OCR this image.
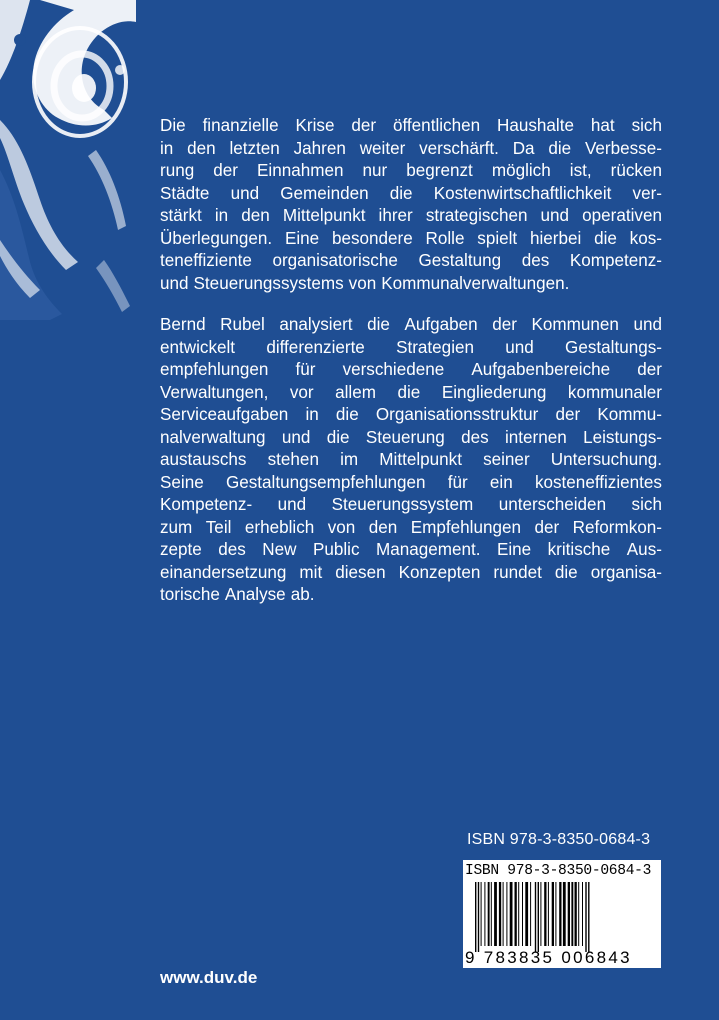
Die finanzielle Krise der öffentlichen Haushalte hat sich
in den letzten Jahren weiter verschärft. Da die Verbesse-
rung der Einnahmen nur begrenzt möglich ist, rücken
Städte und Gemeinden die Kostenwirtschaftlichkeit ver-
stärkt in den Mittelpunkt ihrer strategischen und operativen
Überlegungen. Eine besondere Rolle spielt hierbei die kos-
teneffiziente organisatorische Gestaltung des Kompetenz-
und Steuerungssystems von Kommunalverwaltungen.
Bernd Rubel analysiert die Aufgaben der Kommunen und
entwickelt differenzierte Strategien und Gestaltungs-
empfehlungen für verschiedene Aufgabenbereiche der
Verwaltungen, vor allem die Eingliederung kommunaler
Serviceaufgaben in die Organisationsstruktur der Kommu-
nalverwaltung und die Steuerung des internen Leistungs-
austauschs stehen im Mittelpunkt seiner Untersuchung.
Seine Gestaltungsempfehlungen für ein kosteneffizientes
Kompetenz- und Steuerungssystem unterscheiden sich
zum Teil erheblich von den Empfehlungen der Reformkon-
zepte des New Public Management. Eine kritische Aus-
einandersetzung mit diesen Konzepten rundet die organisa-
torische Analyse ab.
ISBN 978-3-8350-0684-3
ISBN 978-3-8350-0684-3
9 783835 006843
www.duv.de
